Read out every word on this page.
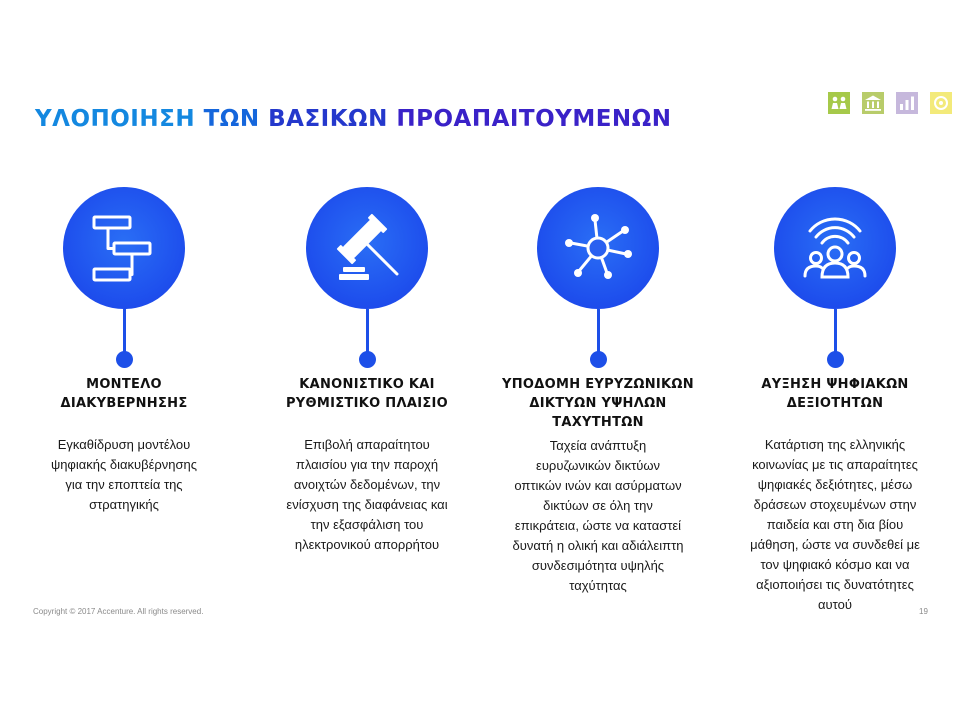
ΥΛΟΠΟΙΗΣΗ ΤΩΝ ΒΑΣΙΚΩΝ ΠΡΟΑΠΑΙΤΟΥΜΕΝΩΝ
ΜΟΝΤΕΛΟ
ΔΙΑΚΥΒΕΡΝΗΣΗΣ

Εγκαθίδρυση μοντέλου
ψηφιακής διακυβέρνησης
για την εποπτεία της
στρατηγικής

ΚΑΝΟΝΙΣΤΙΚΟ ΚΑΙ
ΡΥΘΜΙΣΤΙΚΟ ΠΛΑΙΣΙΟ

Επιβολή απαραίτητου
πλαισίου για την παροχή
ανοιχτών δεδομένων, την
ενίσχυση της διαφάνειας και
την εξασφάλιση του
ηλεκτρονικού απορρήτου

ΥΠΟΔΟΜΗ ΕΥΡΥΖΩΝΙΚΩΝ
ΔΙΚΤΥΩΝ ΥΨΗΛΩΝ
ΤΑΧΥΤΗΤΩΝ

Ταχεία ανάπτυξη
ευρυζωνικών δικτύων
οπτικών ινών και ασύρματων
δικτύων σε όλη την
επικράτεια, ώστε να καταστεί
δυνατή η ολική και αδιάλειπτη
συνδεσιμότητα υψηλής
ταχύτητας

ΑΥΞΗΣΗ ΨΗΦΙΑΚΩΝ
ΔΕΞΙΟΤΗΤΩΝ

Κατάρτιση της ελληνικής
κοινωνίας με τις απαραίτητες
ψηφιακές δεξιότητες, μέσω
δράσεων στοχευμένων στην
παιδεία και στη δια βίου
μάθηση, ώστε να συνδεθεί με
τον ψηφιακό κόσμο και να
αξιοποιήσει τις δυνατότητες
αυτού

Copyright © 2017 Accenture. All rights reserved.	19
